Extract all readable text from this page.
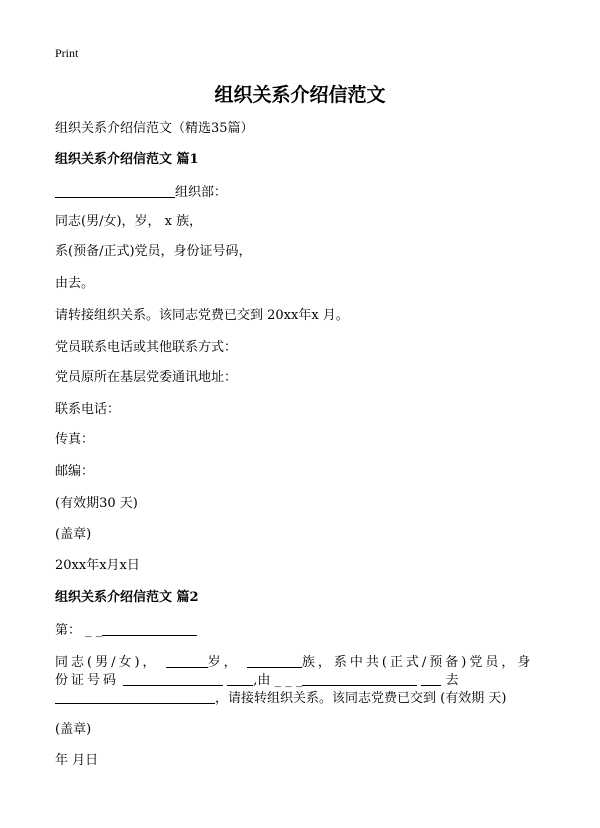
Print
组织关系介绍信范文
组织关系介绍信范文（精选35篇）
组织关系介绍信范文 篇1
组织部：
同志(男/女)，岁， x 族，
系(预备/正式)党员，身份证号码，
由去。
请转接组织关系。该同志党费已交到 20xx年x 月。
党员联系电话或其他联系方式：
党员原所在基层党委通讯地址：
联系电话：
传真：
邮编：
(有效期30 天)
(盖章)
20xx年x月x日
组织关系介绍信范文 篇2
第： _ _
同志(男/女)，	岁，	族，系中共(正式/预备)党员，身
份证号码	,由 _ _ _	去
，请接转组织关系。该同志党费已交到 (有效期 天)
(盖章)
年 月日
